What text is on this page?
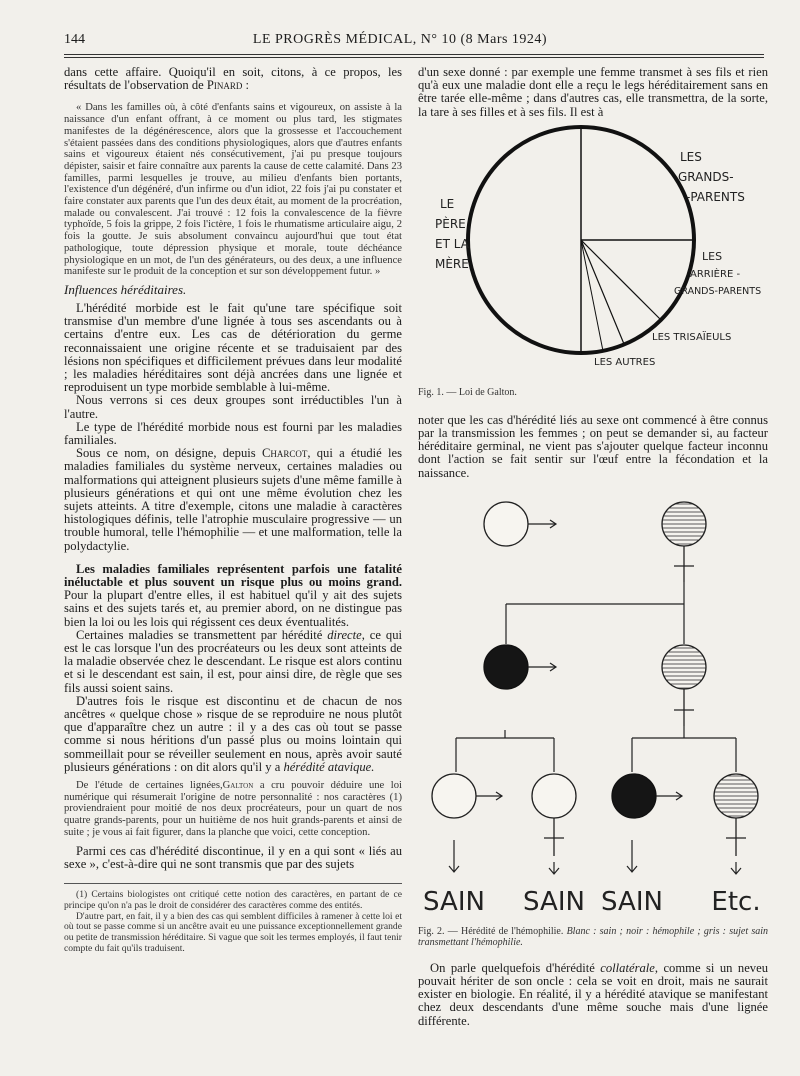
144	LE PROGRÈS MÉDICAL, N° 10 (8 Mars 1924)

dans cette affaire. Quoiqu'il en soit, citons, à ce propos, les résultats de l'observation de Pinard :

« Dans les familles où, à côté d'enfants sains et vigoureux, on assiste à la naissance d'un enfant offrant, à ce moment ou plus tard, les stigmates manifestes de la dégénérescence, alors que la grossesse et l'accouchement s'étaient passées dans des conditions physiologiques, alors que d'autres enfants sains et vigoureux étaient nés consécutivement, j'ai pu presque toujours dépister, saisir et faire connaître aux parents la cause de cette calamité. Dans 23 familles, parmi lesquelles je trouve, au milieu d'enfants bien portants, l'existence d'un dégénéré, d'un infirme ou d'un idiot, 22 fois j'ai pu constater et faire constater aux parents que l'un des deux était, au moment de la procréation, malade ou convalescent. J'ai trouvé : 12 fois la convalescence de la fièvre typhoïde, 5 fois la grippe, 2 fois l'ictère, 1 fois le rhumatisme articulaire aigu, 2 fois la goutte. Je suis absolument convaincu aujourd'hui que tout état pathologique, toute dépression physique et morale, toute déchéance physiologique en un mot, de l'un des générateurs, ou des deux, a une influence manifeste sur le produit de la conception et sur son développement futur. »

Influences héréditaires.

L'hérédité morbide est le fait qu'une tare spécifique soit transmise d'un membre d'une lignée à tous ses ascendants ou à certains d'entre eux. Les cas de détérioration du germe reconnaissaient une origine récente et se traduisaient par des lésions non spécifiques et difficilement prévues dans leur modalité ; les maladies héréditaires sont déjà ancrées dans une lignée et reproduisent un type morbide semblable à lui-même.

Nous verrons si ces deux groupes sont irréductibles l'un à l'autre.

Le type de l'hérédité morbide nous est fourni par les maladies familiales.

Sous ce nom, on désigne, depuis Charcot, qui a étudié les maladies familiales du système nerveux, certaines maladies ou malformations qui atteignent plusieurs sujets d'une même famille à plusieurs générations et qui ont une même évolution chez les sujets atteints. A titre d'exemple, citons une maladie à caractères histologiques définis, telle l'atrophie musculaire progressive — un trouble humoral, telle l'hémophilie — et une malformation, telle la polydactylie.

Les maladies familiales représentent parfois une fatalité inéluctable et plus souvent un risque plus ou moins grand. Pour la plupart d'entre elles, il est habituel qu'il y ait des sujets sains et des sujets tarés et, au premier abord, on ne distingue pas bien la loi ou les lois qui régissent ces deux éventualités.

Certaines maladies se transmettent par hérédité directe, ce qui est le cas lorsque l'un des procréateurs ou les deux sont atteints de la maladie observée chez le descendant. Le risque est alors continu et si le descendant est sain, il est, pour ainsi dire, de règle que ses fils aussi soient sains.

D'autres fois le risque est discontinu et de chacun de nos ancêtres « quelque chose » risque de se reproduire ne nous plutôt que d'apparaître chez un autre : il y a des cas où tout se passe comme si nous héritions d'un passé plus ou moins lointain qui sommeillait pour se réveiller seulement en nous, après avoir sauté plusieurs générations : on dit alors qu'il y a hérédité atavique.

De l'étude de certaines lignées,Galton a cru pouvoir déduire une loi numérique qui résumerait l'origine de notre personnalité : nos caractères (1) proviendraient pour moitié de nos deux procréateurs, pour un quart de nos quatre grands-parents, pour un huitième de nos huit grands-parents et ainsi de suite ; je vous ai fait figurer, dans la planche que voici, cette conception.

Parmi ces cas d'hérédité discontinue, il y en a qui sont « liés au sexe », c'est-à-dire qui ne sont transmis que par des sujets

(1) Certains biologistes ont critiqué cette notion des caractères, en partant de ce principe qu'on n'a pas le droit de considérer des caractères comme des entités.

D'autre part, en fait, il y a bien des cas qui semblent difficiles à ramener à cette loi et où tout se passe comme si un ancêtre avait eu une puissance exceptionnellement grande ou petite de transmission héréditaire. Si vague que soit les termes employés, il faut tenir compte du fait qu'ils traduisent.

d'un sexe donné : par exemple une femme transmet à ses fils et rien qu'à eux une maladie dont elle a reçu le legs héréditairement sans en être tarée elle-même ; dans d'autres cas, elle transmettra, de la sorte, la tare à ses filles et à ses fils. Il est à

LE
PÈRE
ET LA
MÈRE
LES
GRANDS-
-PARENTS
LES
ARRIÈRE -
GRANDS-PARENTS
LES TRISAÏEULS
LES AUTRES

Fig. 1. — Loi de Galton.

noter que les cas d'hérédité liés au sexe ont commencé à être connus par la transmission les femmes ; on peut se demander si, au facteur héréditaire germinal, ne vient pas s'ajouter quelque facteur inconnu dont l'action se fait sentir sur l'œuf entre la fécondation et la naissance.

SAIN SAIN SAIN Etc.

Fig. 2. — Hérédité de l'hémophilie. Blanc : sain ; noir : hémophile ; gris : sujet sain transmettant l'hémophilie.

On parle quelquefois d'hérédité collatérale, comme si un neveu pouvait hériter de son oncle : cela se voit en droit, mais ne saurait exister en biologie. En réalité, il y a hérédité atavique se manifestant chez deux descendants d'une même souche mais d'une lignée différente.
